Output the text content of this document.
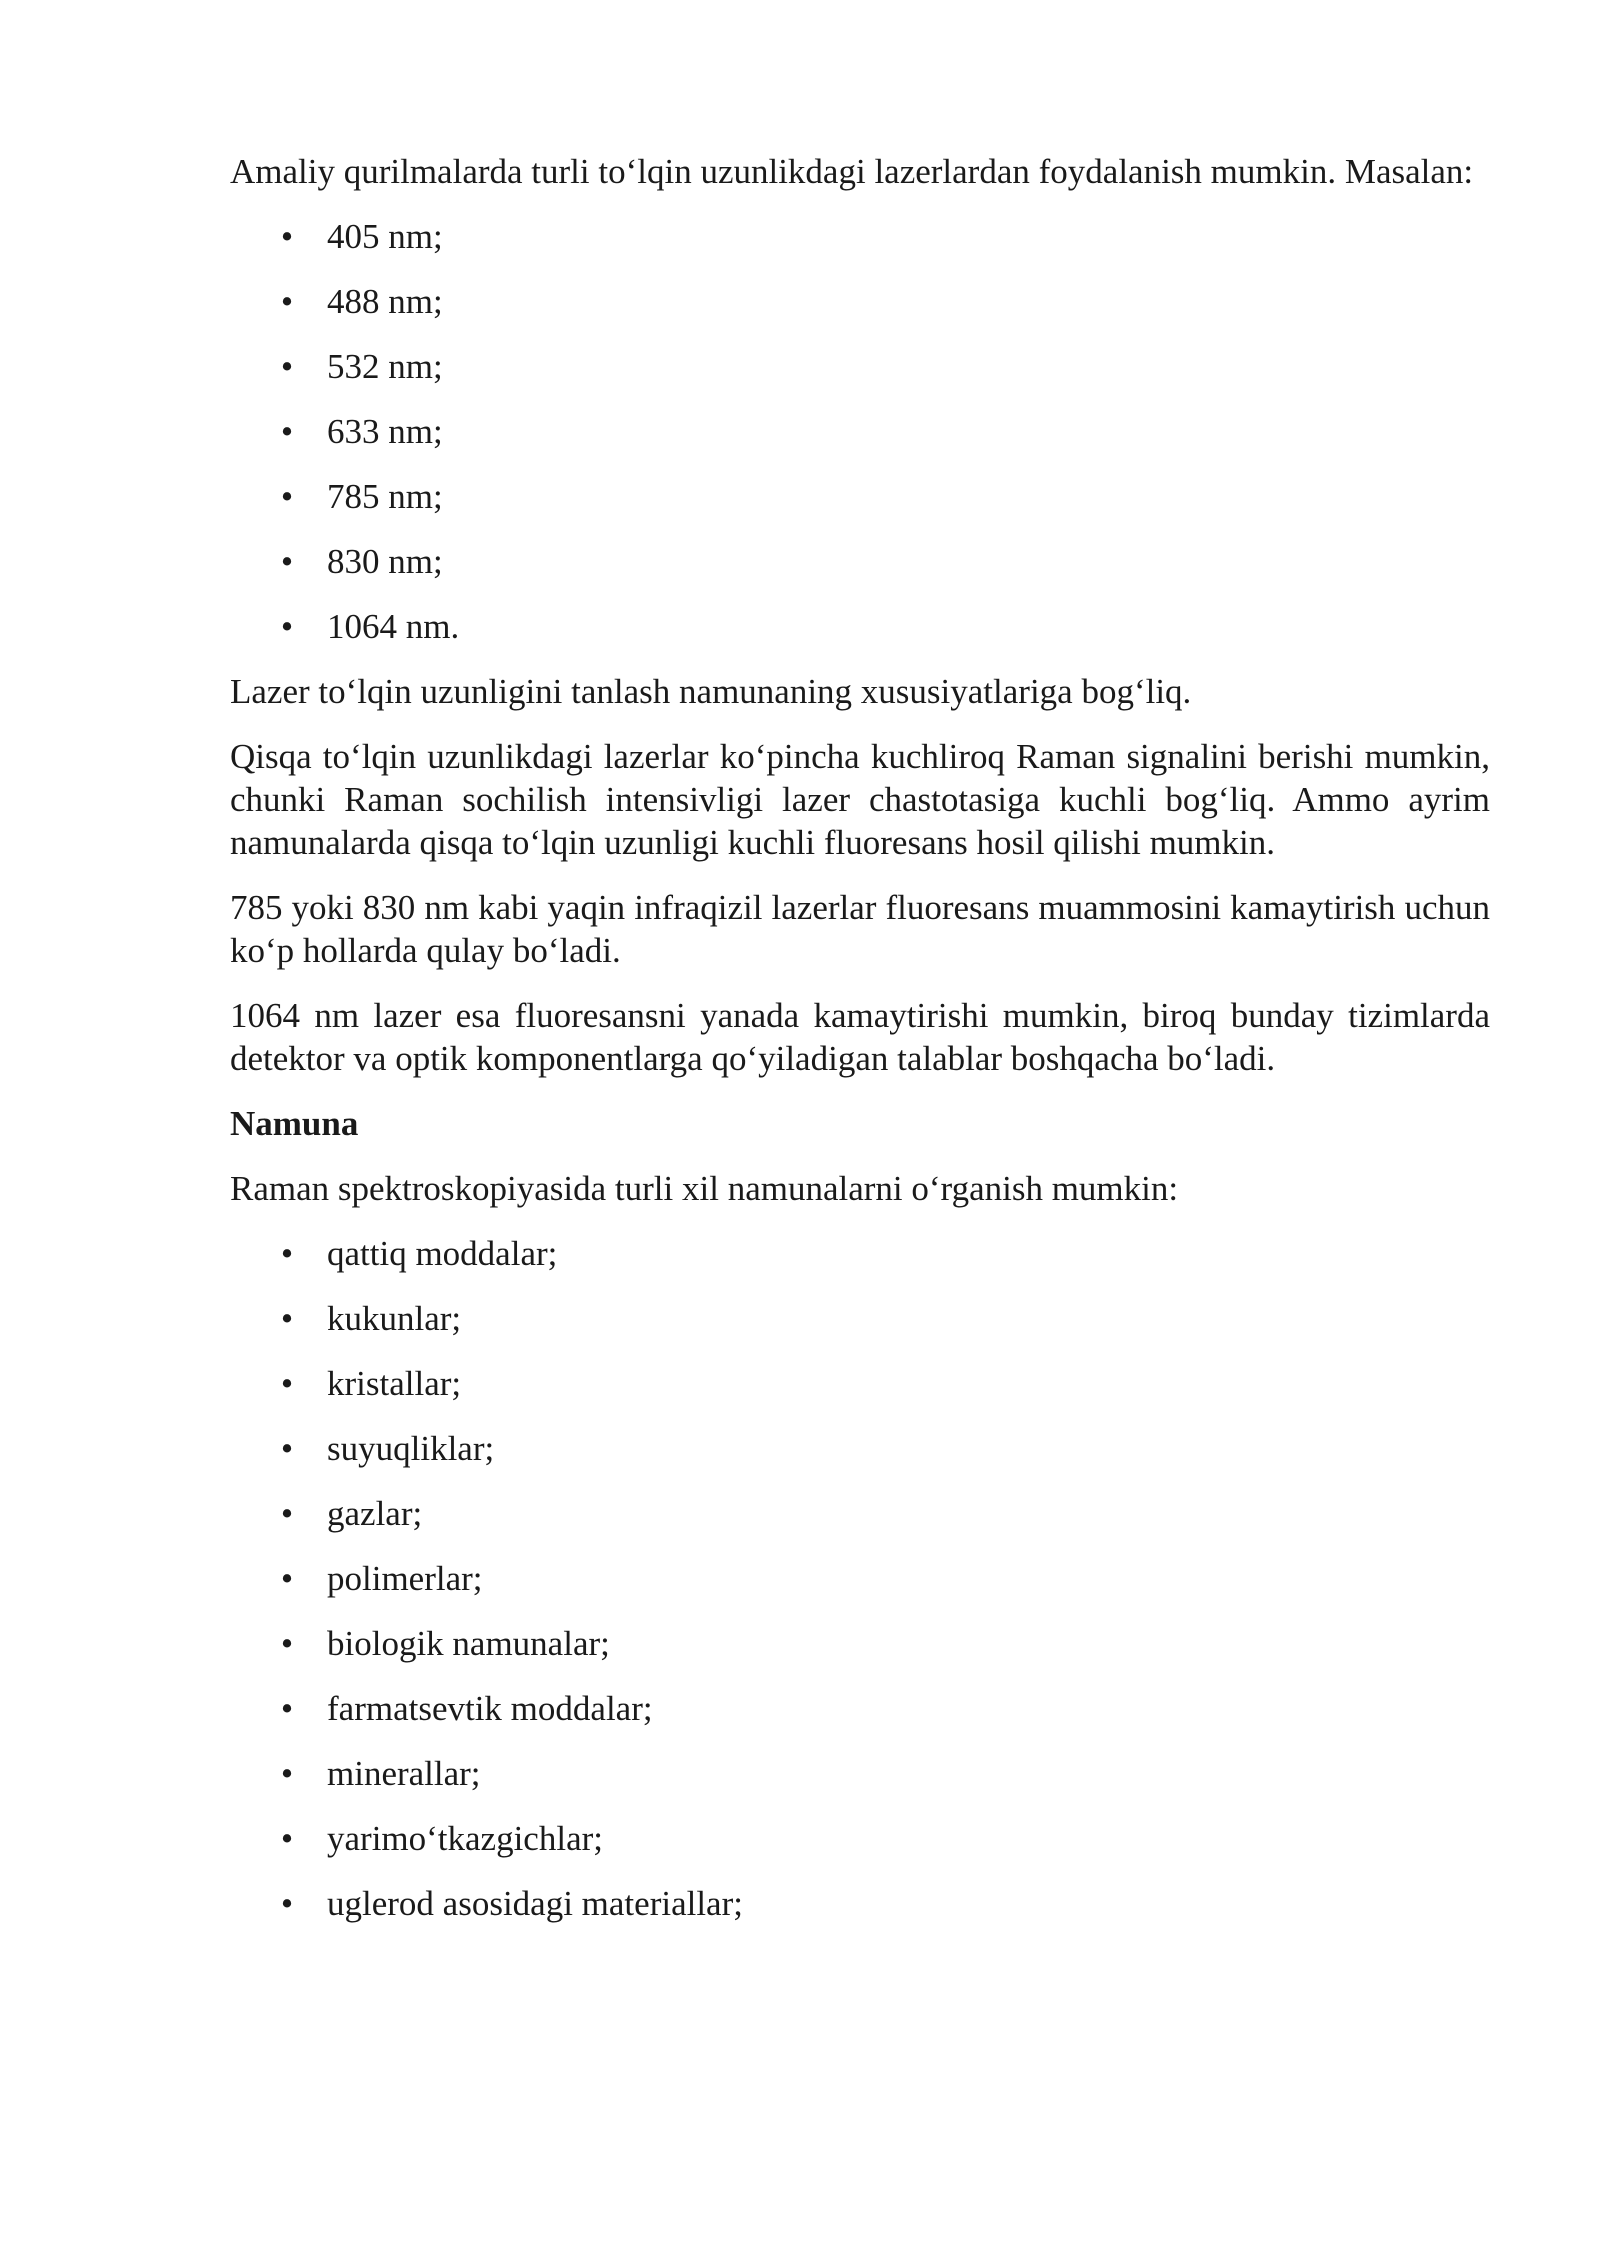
Amaliy qurilmalarda turli to‘lqin uzunlikdagi lazerlardan foydalanish mumkin. Masalan:

• 405 nm;
• 488 nm;
• 532 nm;
• 633 nm;
• 785 nm;
• 830 nm;
• 1064 nm.

Lazer to‘lqin uzunligini tanlash namunaning xususiyatlariga bog‘liq.

Qisqa to‘lqin uzunlikdagi lazerlar ko‘pincha kuchliroq Raman signalini berishi mumkin, chunki Raman sochilish intensivligi lazer chastotasiga kuchli bog‘liq. Ammo ayrim namunalarda qisqa to‘lqin uzunligi kuchli fluoresans hosil qilishi mumkin.

785 yoki 830 nm kabi yaqin infraqizil lazerlar fluoresans muammosini kamaytirish uchun ko‘p hollarda qulay bo‘ladi.

1064 nm lazer esa fluoresansni yanada kamaytirishi mumkin, biroq bunday tizimlarda detektor va optik komponentlarga qo‘yiladigan talablar boshqacha bo‘ladi.

Namuna

Raman spektroskopiyasida turli xil namunalarni o‘rganish mumkin:

• qattiq moddalar;
• kukunlar;
• kristallar;
• suyuqliklar;
• gazlar;
• polimerlar;
• biologik namunalar;
• farmatsevtik moddalar;
• minerallar;
• yarimo‘tkazgichlar;
• uglerod asosidagi materiallar;
